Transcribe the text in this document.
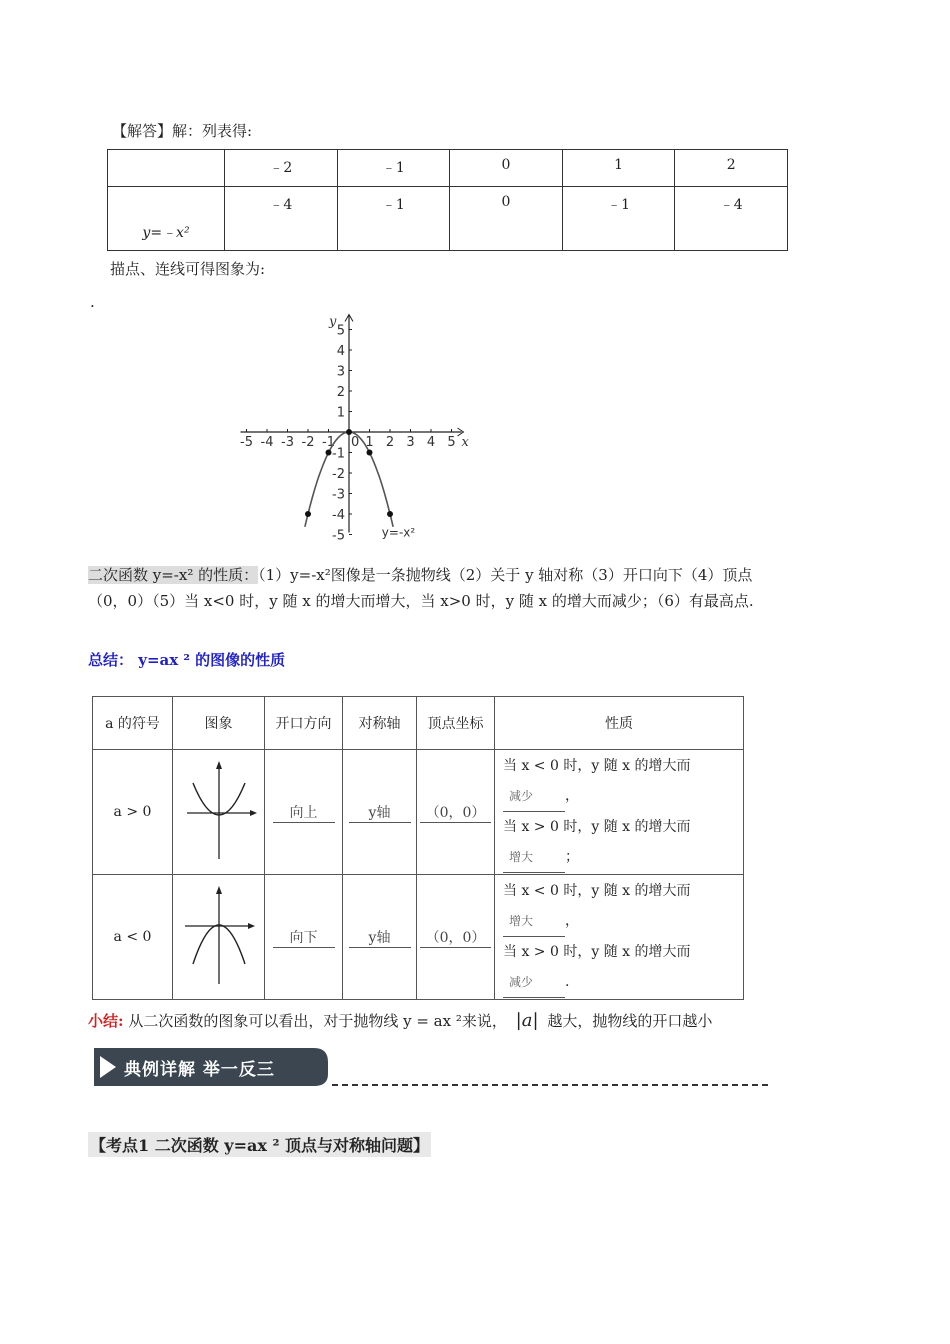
【解答】解：列表得:
	﹣2	﹣1	0	1	2
y=﹣x²	﹣4	﹣1	0	﹣1	﹣4
描点、连线可得图象为:
.
-5 -4 -3 -2 -1 1 2 3 4 5
5
4
3
2
1
-1
-2
-3
-4
-5
0	x
y
y=-x²
二次函数 y=-x² 的性质：（1）y=-x²图像是一条抛物线（2）关于 y 轴对称（3）开口向下（4）顶点（0，0）（5）当 x<0 时，y 随 x 的增大而增大，当 x>0 时，y 随 x 的增大而减少；（6）有最高点.
总结： y=ax ² 的图像的性质
a 的符号	图象	开口方向	对称轴	顶点坐标	性质
a > 0		向上	y轴	（0，0）	当 x < 0 时，y 随 x 的增大而减少 ，
当 x > 0 时，y 随 x 的增大而增大 ；
a < 0		向下	y轴	（0，0）	当 x < 0 时，y 随 x 的增大而增大 ，
当 x > 0 时，y 随 x 的增大而减少 .
小结: 从二次函数的图象可以看出，对于抛物线 y = ax ²来说， |a| 越大，抛物线的开口越小
典例详解 举一反三
【考点1 二次函数 y=ax ² 顶点与对称轴问题】
